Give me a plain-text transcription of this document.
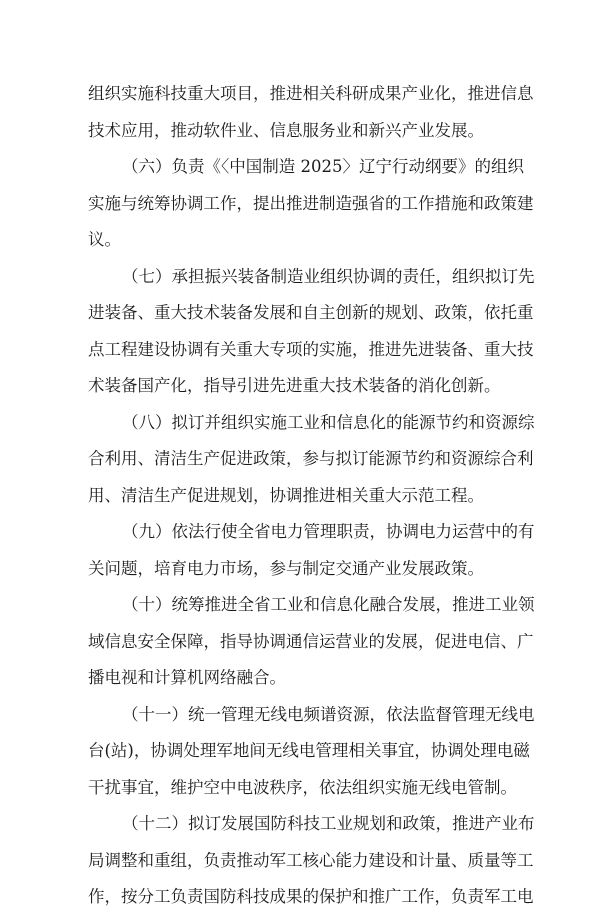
组织实施科技重大项目，推进相关科研成果产业化，推进信息
技术应用，推动软件业、信息服务业和新兴产业发展。
（六）负责《〈中国制造 2025〉辽宁行动纲要》的组织
实施与统筹协调工作，提出推进制造强省的工作措施和政策建
议。
（七）承担振兴装备制造业组织协调的责任，组织拟订先
进装备、重大技术装备发展和自主创新的规划、政策，依托重
点工程建设协调有关重大专项的实施，推进先进装备、重大技
术装备国产化，指导引进先进重大技术装备的消化创新。
（八）拟订并组织实施工业和信息化的能源节约和资源综
合利用、清洁生产促进政策，参与拟订能源节约和资源综合利
用、清洁生产促进规划，协调推进相关重大示范工程。
（九）依法行使全省电力管理职责，协调电力运营中的有
关问题，培育电力市场，参与制定交通产业发展政策。
（十）统筹推进全省工业和信息化融合发展，推进工业领
域信息安全保障，指导协调通信运营业的发展，促进电信、广
播电视和计算机网络融合。
（十一）统一管理无线电频谱资源，依法监督管理无线电
台(站)，协调处理军地间无线电管理相关事宜，协调处理电磁
干扰事宜，维护空中电波秩序，依法组织实施无线电管制。
（十二）拟订发展国防科技工业规划和政策，推进产业布
局调整和重组，负责推动军工核心能力建设和计量、质量等工
作，按分工负责国防科技成果的保护和推广工作，负责军工电
